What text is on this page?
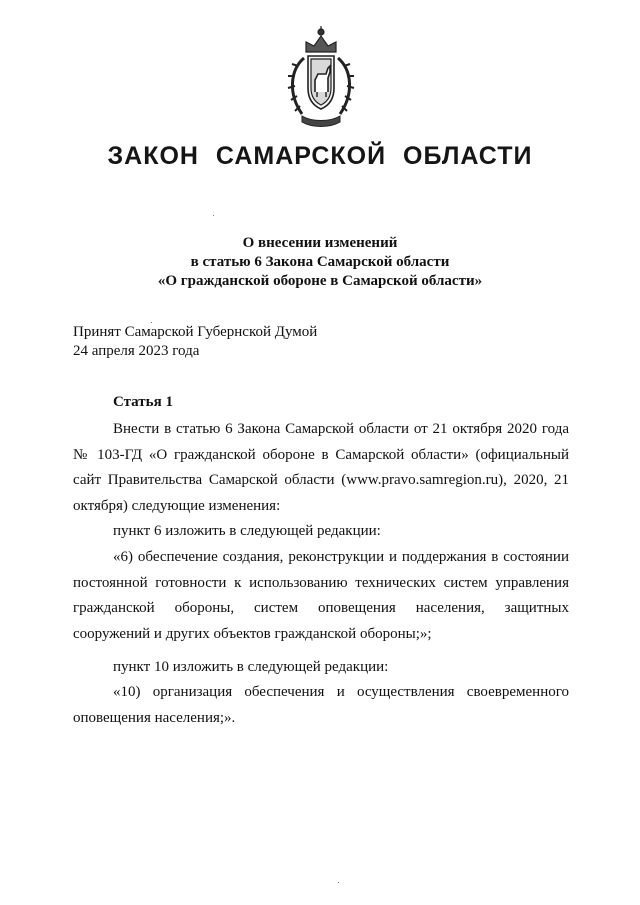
ЗАКОН САМАРСКОЙ ОБЛАСТИ
О внесении изменений
в статью 6 Закона Самарской области
«О гражданской обороне в Самарской области»
Принят Самарской Губернской Думой
24 апреля 2023 года
Статья 1
Внести в статью 6 Закона Самарской области от 21 октября 2020 года № 103-ГД «О гражданской обороне в Самарской области» (официальный сайт Правительства Самарской области (www.pravo.samregion.ru), 2020, 21 октября) следующие изменения:
пункт 6 изложить в следующей редакции:
«6) обеспечение создания, реконструкции и поддержания в состоянии постоянной готовности к использованию технических систем управления гражданской обороны, систем оповещения населения, защитных сооружений и других объектов гражданской обороны;»;
пункт 10 изложить в следующей редакции:
«10) организация обеспечения и осуществления своевременного оповещения населения;».
